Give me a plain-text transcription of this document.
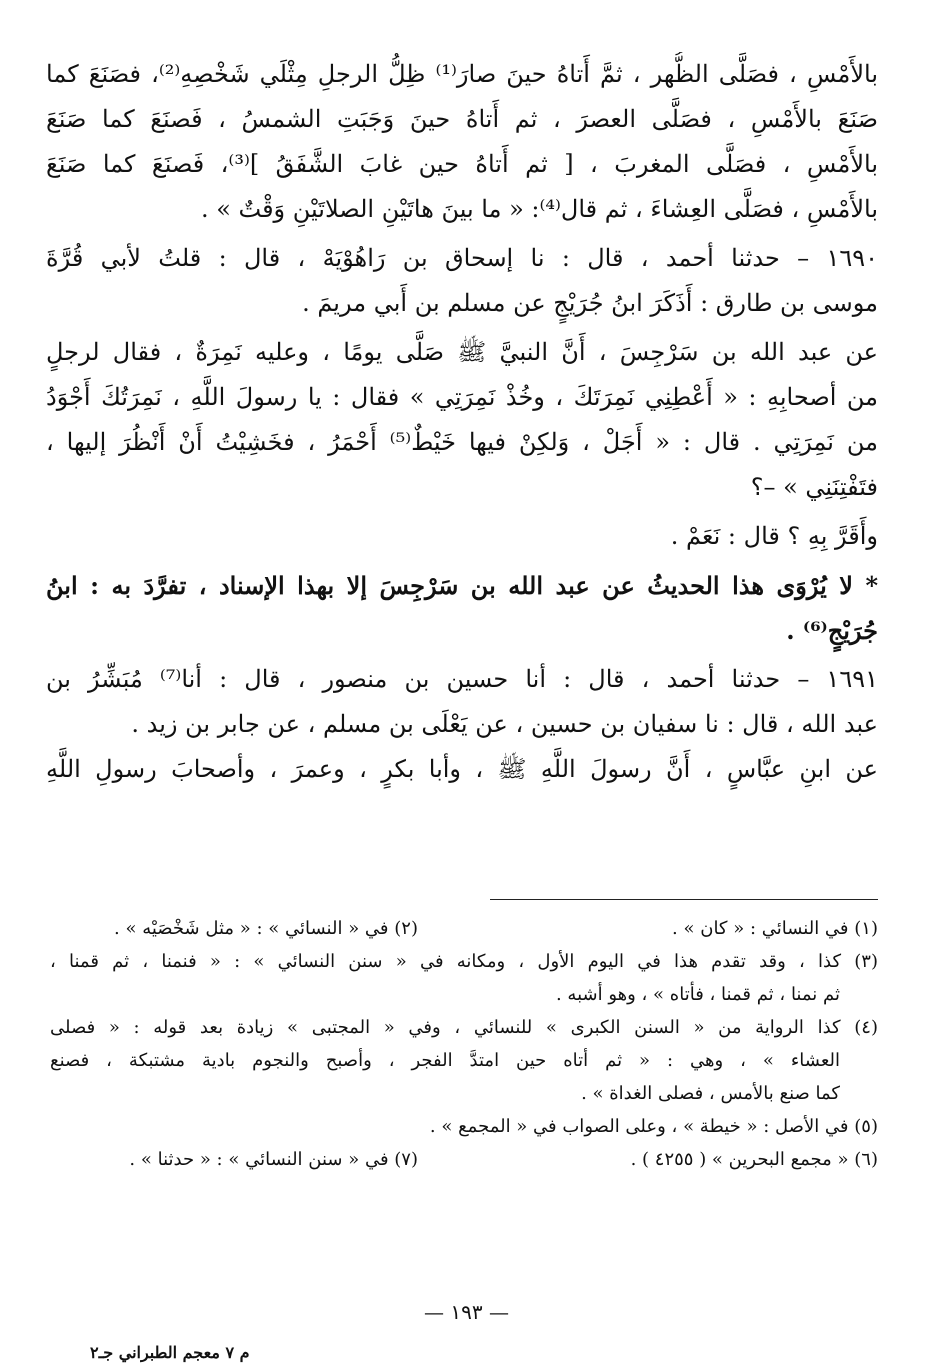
بالأَمْسِ ، فصَلَّى الظُّهر ، ثمَّ أَتاهُ حينَ صارَ⁽¹⁾ ظِلُّ الرجلِ مِثْلَي شَخْصِهِ⁽²⁾، فصَنَعَ كما
صَنَعَ بالأَمْسِ ، فصَلَّى العصرَ ، ثم أَتاهُ حينَ وَجَبَتِ الشمسُ ، فَصنَعَ كما صَنَعَ
بالأَمْسِ ، فصَلَّى المغربَ ، [ ثم أَتاهُ حين غابَ الشَّفَقُ ]⁽³⁾، فَصنَعَ كما صَنَعَ
بالأَمْسِ ، فصَلَّى العِشاءَ ، ثم قال⁽⁴⁾: « ما بينَ هاتَيْنِ الصلاتَيْنِ وَقْتٌ » .
١٦٩٠ – حدثنا أحمد ، قال : نا إسحاق بن رَاهُوْيَهْ ، قال : قلتُ لأبي قُرَّةَ
موسى بن طارق : أَذَكَرَ ابنُ جُرَيْجٍ عن مسلم بن أَبي مريمَ .
عن عبد الله بن سَرْجِسَ ، أَنَّ النبيَّ ﷺ صَلَّى يومًا ، وعليه نَمِرَةٌ ، فقال لرجلٍ
من أصحابِهِ : « أَعْطِنِي نَمِرَتَكَ ، وخُذْ نَمِرَتِي » فقال : يا رسولَ اللَّهِ ، نَمِرَتُكَ أَجْوَدُ
من نَمِرَتِي . قال : « أَجَلْ ، وَلكِنْ فيها خَيْطٌ⁽⁵⁾ أَحْمَرُ ، فخَشِيْتُ أَنْ أَنْظُرَ إليها ،
فتَفْتِنَنِي » –؟
وأَقَرَّ بِهِ ؟ قال : نَعَمْ .
* لا يُرْوَى هذا الحديثُ عن عبد الله بن سَرْجِسَ إلا بهذا الإسناد ، تفرَّدَ به : ابنُ
جُرَيْجٍ⁽⁶⁾ .
١٦٩١ – حدثنا أحمد ، قال : أنا حسين بن منصور ، قال : أنا⁽⁷⁾ مُبَشِّرُ بن
عبد الله ، قال : نا سفيان بن حسين ، عن يَعْلَى بن مسلم ، عن جابر بن زيد .
عن ابنِ عبَّاسٍ ، أَنَّ رسولَ اللَّهِ ﷺ ، وأبا بكرٍ ، وعمرَ ، وأصحابَ رسولِ اللَّهِ
(١) في النسائي : « كان » .
(٢) في « النسائي » : « مثل شَخْصَيْه » .
(٣) كذا ، وقد تقدم هذا في اليوم الأول ، ومكانه في « سنن النسائي » : « فنمنا ، ثم قمنا ،
ثم نمنا ، ثم قمنا ، فأتاه » ، وهو أشبه .
(٤) كذا الرواية من « السنن الكبرى » للنسائي ، وفي « المجتبى » زيادة بعد قوله : « فصلى
العشاء » ، وهي : « ثم أتاه حين امتدَّ الفجر ، وأصبح والنجوم بادية مشتبكة ، فصنع
كما صنع بالأمس ، فصلى الغداة » .
(٥) في الأصل : « خيطة » ، وعلى الصواب في « المجمع » .
(٦) « مجمع البحرين » ( ٤٢٥٥ ) .
(٧) في « سنن النسائي » : « حدثنا » .
— ١٩٣ —
م ٧ معجم الطبراني جـ٢
